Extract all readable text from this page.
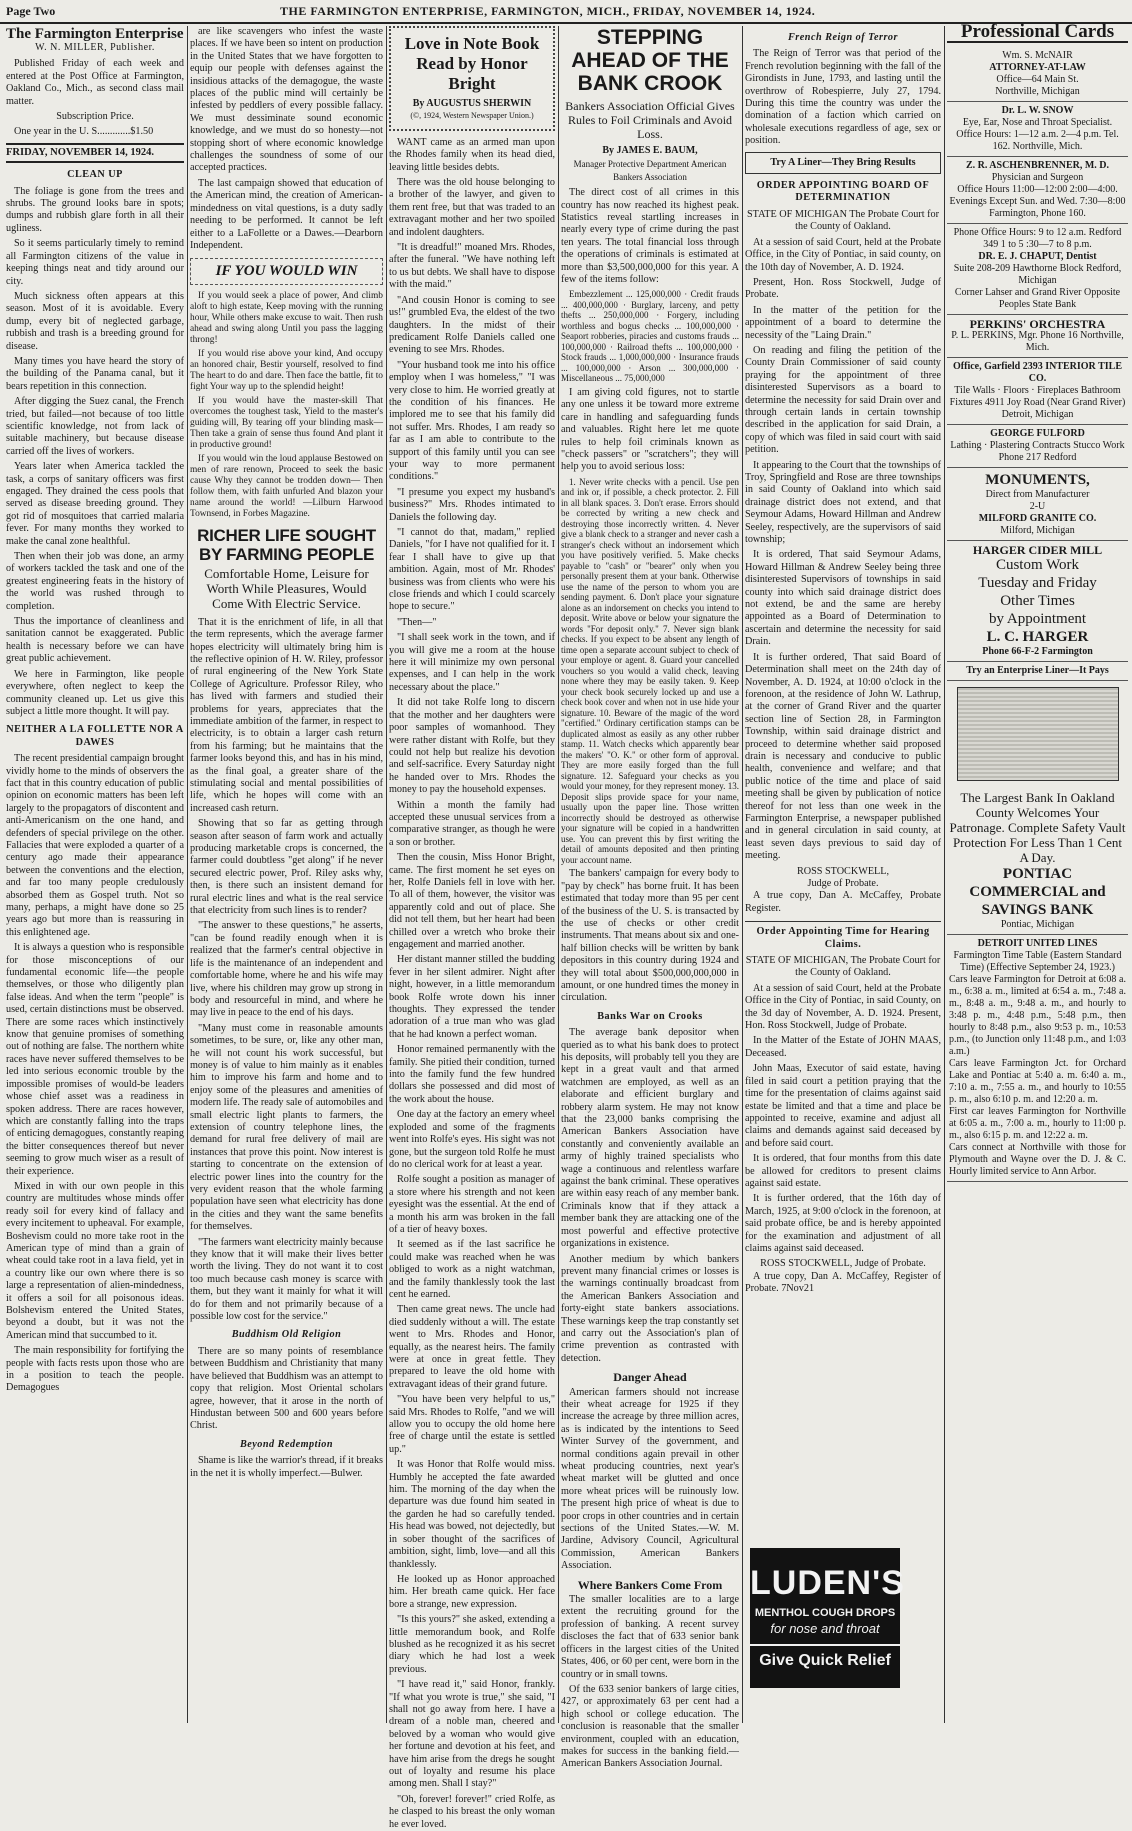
Page Two	THE FARMINGTON ENTERPRISE, FARMINGTON, MICH., FRIDAY, NOVEMBER 14, 1924.
The Farmington Enterprise
W. N. MILLER, Publisher.

Published Friday of each week and entered at the Post Office at Farmington, Oakland Co., Mich., as second class mail matter.

Subscription Price.

One year in the U. S.............$1.50

FRIDAY, NOVEMBER 14, 1924.
CLEAN UP

The foliage is gone from the trees and shrubs. The ground looks bare in spots; dumps and rubbish glare forth in all their ugliness.

So it seems particularly timely to remind all Farmington citizens of the value in keeping things neat and tidy around our city.

Much sickness often appears at this season. Most of it is avoidable. Every dump, every bit of neglected garbage, rubbish and trash is a breeding ground for disease.

Many times you have heard the story of the building of the Panama canal, but it bears repetition in this connection.

After digging the Suez canal, the French tried, but failed—not because of too little scientific knowledge, not from lack of suitable machinery, but because disease carried off the lives of workers.

Years later when America tackled the task, a corps of sanitary officers was first engaged. They drained the cess pools that served as disease breeding ground. They got rid of mosquitoes that carried malaria fever. For many months they worked to make the canal zone healthful.

Then when their job was done, an army of workers tackled the task and one of the greatest engineering feats in the history of the world was rushed through to completion.

Thus the importance of cleanliness and sanitation cannot be exaggerated. Public health is necessary before we can have great public achievement.

We here in Farmington, like people everywhere, often neglect to keep the community cleaned up. Let us give this subject a little more thought. It will pay.

NEITHER A LA FOLLETTE NOR A DAWES

The recent presidential campaign brought vividly home to the minds of observers the fact that in this country education of public opinion on economic matters has been left largely to the propagators of discontent and anti-Americanism on the one hand, and defenders of special privilege on the other. Fallacies that were exploded a quarter of a century ago made their appearance between the conventions and the election, and far too many people credulously absorbed them as Gospel truth. Not so many, perhaps, a might have done so 25 years ago but more than is reassuring in this enlightened age.

It is always a question who is responsible for those misconceptions of our fundamental economic life—the people themselves, or those who diligently plan false ideas. And when the term "people" is used, certain distinctions must be observed. There are some races which instinctively know that genuine promises of something out of nothing are false. The northern white races have never suffered themselves to be led into serious economic trouble by the impossible promises of would-be leaders whose chief asset was a readiness in spoken address. There are races however, which are constantly falling into the traps of enticing demagogues, constantly reaping the bitter consequences thereof but never seeming to grow much wiser as a result of their experience.

Mixed in with our own people in this country are multitudes whose minds offer ready soil for every kind of fallacy and every incitement to upheaval. For example, Boshevism could no more take root in the American type of mind than a grain of wheat could take root in a lava field, yet in a country like our own where there is so large a representation of alien-mindedness, it offers a soil for all poisonous ideas. Bolshevism entered the United States, beyond a doubt, but it was not the American mind that succumbed to it.

The main responsibility for fortifying the people with facts rests upon those who are in a position to teach the people. Demagogues

are like scavengers who infest the waste places. If we have been so intent on production in the United States that we have forgotten to equip our people with defenses against the insidious attacks of the demagogue, the waste places of the public mind will certainly be infested by peddlers of every possible fallacy. We must dessiminate sound economic knowledge, and we must do so honesty—not stopping short of where economic knowledge challenges the soundness of some of our accepted practices.

The last campaign showed that education of the American mind, the creation of American-mindedness on vital questions, is a duty sadly needing to be performed. It cannot be left either to a LaFollette or a Dawes.—Dearborn Independent.

IF YOU WOULD WIN

If you would seek a place of power, And climb aloft to high estate, Keep moving with the running hour, While others make excuse to wait. Then rush ahead and swing along Until you pass the lagging throng!

If you would rise above your kind, And occupy an honored chair, Bestir yourself, resolved to find The heart to do and dare. Then face the battle, fit to fight Your way up to the splendid height!

If you would have the master-skill That overcomes the toughest task, Yield to the master's guiding will, By tearing off your blinding mask— Then take a grain of sense thus found And plant it in productive ground!

If you would win the loud applause Bestowed on men of rare renown, Proceed to seek the basic cause Why they cannot be trodden down— Then follow them, with faith unfurled And blazon your name around the world! —Lilburn Harwood Townsend, in Forbes Magazine.

RICHER LIFE SOUGHT BY FARMING PEOPLE
Comfortable Home, Leisure for Worth While Pleasures, Would Come With Electric Service.

That it is the enrichment of life, in all that the term represents, which the average farmer hopes electricity will ultimately bring him is the reflective opinion of H. W. Riley, professor of rural engineering of the New York State College of Agriculture. Professor Riley, who has lived with farmers and studied their problems for years, appreciates that the immediate ambition of the farmer, in respect to electricity, is to obtain a larger cash return from his farming; but he maintains that the farmer looks beyond this, and has in his mind, as the final goal, a greater share of the stimulating social and mental possibilities of life, which he hopes will come with an increased cash return.

Showing that so far as getting through season after season of farm work and actually producing marketable crops is concerned, the farmer could doubtless "get along" if he never secured electric power, Prof. Riley asks why, then, is there such an insistent demand for rural electric lines and what is the real service that electricity from such lines is to render?

"The answer to these questions," he asserts, "can be found readily enough when it is realized that the farmer's central objective in life is the maintenance of an independent and comfortable home, where he and his wife may live, where his children may grow up strong in body and resourceful in mind, and where he may live in peace to the end of his days.

"Many must come in reasonable amounts sometimes, to be sure, or, like any other man, he will not count his work successful, but money is of value to him mainly as it enables him to improve his farm and home and to enjoy some of the pleasures and amenities of modern life. The ready sale of automobiles and small electric light plants to farmers, the extension of country telephone lines, the demand for rural free delivery of mail are instances that prove this point. Now interest is starting to concentrate on the extension of electric power lines into the country for the very evident reason that the whole farming population have seen what electricity has done in the cities and they want the same benefits for themselves.

"The farmers want electricity mainly because they know that it will make their lives better worth the living. They do not want it to cost too much because cash money is scarce with them, but they want it mainly for what it will do for them and not primarily because of a possible low cost for the service."

Buddhism Old Religion

There are so many points of resemblance between Buddhism and Christianity that many have believed that Buddhism was an attempt to copy that religion. Most Oriental scholars agree, however, that it arose in the north of Hindustan between 500 and 600 years before Christ.

Beyond Redemption

Shame is like the warrior's thread, if it breaks in the net it is wholly imperfect.—Bulwer.

Love in Note Book Read by Honor Bright
By AUGUSTUS SHERWIN
(©, 1924, Western Newspaper Union.)

WANT came as an armed man upon the Rhodes family when its head died, leaving little besides debts.

There was the old house belonging to a brother of the lawyer, and given to them rent free, but that was traded to an extravagant mother and her two spoiled and indolent daughters.

"It is dreadful!" moaned Mrs. Rhodes, after the funeral. "We have nothing left to us but debts. We shall have to dispose with the maid."

"And cousin Honor is coming to see us!" grumbled Eva, the eldest of the two daughters. In the midst of their predicament Rolfe Daniels called one evening to see Mrs. Rhodes.

"Your husband took me into his office employ when I was homeless," "I was very close to him. He worried greatly at the condition of his finances. He implored me to see that his family did not suffer. Mrs. Rhodes, I am ready so far as I am able to contribute to the support of this family until you can see your way to more permanent conditions."

"I presume you expect my husband's business?" Mrs. Rhodes intimated to Daniels the following day.

"I cannot do that, madam," replied Daniels, "for I have not qualified for it. I fear I shall have to give up that ambition. Again, most of Mr. Rhodes' business was from clients who were his close friends and which I could scarcely hope to secure."

"Then—"

"I shall seek work in the town, and if you will give me a room at the house here it will minimize my own personal expenses, and I can help in the work necessary about the place."

It did not take Rolfe long to discern that the mother and her daughters were poor samples of womanhood. They were rather distant with Rolfe, but they could not help but realize his devotion and self-sacrifice. Every Saturday night he handed over to Mrs. Rhodes the money to pay the household expenses.

Within a month the family had accepted these unusual services from a comparative stranger, as though he were a son or brother.

Then the cousin, Miss Honor Bright, came. The first moment he set eyes on her, Rolfe Daniels fell in love with her. To all of them, however, the visitor was apparently cold and out of place. She did not tell them, but her heart had been chilled over a wretch who broke their engagement and married another.

Her distant manner stilled the budding fever in her silent admirer. Night after night, however, in a little memorandum book Rolfe wrote down his inner thoughts. They expressed the tender adoration of a true man who was glad that he had known a perfect woman.

Honor remained permanently with the family. She pitied their condition, turned into the family fund the few hundred dollars she possessed and did most of the work about the house.

One day at the factory an emery wheel exploded and some of the fragments went into Rolfe's eyes. His sight was not gone, but the surgeon told Rolfe he must do no clerical work for at least a year.

Rolfe sought a position as manager of a store where his strength and not keen eyesight was the essential. At the end of a month his arm was broken in the fall of a tier of heavy boxes.

It seemed as if the last sacrifice he could make was reached when he was obliged to work as a night watchman, and the family thanklessly took the last cent he earned.

Then came great news. The uncle had died suddenly without a will. The estate went to Mrs. Rhodes and Honor, equally, as the nearest heirs. The family were at once in great fettle. They prepared to leave the old home with extravagant ideas of their grand future.

"You have been very helpful to us," said Mrs. Rhodes to Rolfe, "and we will allow you to occupy the old home here free of charge until the estate is settled up."

It was Honor that Rolfe would miss. Humbly he accepted the fate awarded him. The morning of the day when the departure was due found him seated in the garden he had so carefully tended. His head was bowed, not dejectedly, but in sober thought of the sacrifices of ambition, sight, limb, love—and all this thanklessly.

He looked up as Honor approached him. Her breath came quick. Her face bore a strange, new expression.

"Is this yours?" she asked, extending a little memorandum book, and Rolfe blushed as he recognized it as his secret diary which he had lost a week previous.

"I have read it," said Honor, frankly. "If what you wrote is true," she said, "I shall not go away from here. I have a dream of a noble man, cheered and beloved by a woman who would give her fortune and devotion at his feet, and have him arise from the dregs he sought out of loyalty and resume his place among men. Shall I stay?"

"Oh, forever! forever!" cried Rolfe, as he clasped to his breast the only woman he ever loved.

STEPPING AHEAD OF THE BANK CROOK
Bankers Association Official Gives Rules to Foil Criminals and Avoid Loss.
By JAMES E. BAUM,
Manager Protective Department American Bankers Association

The direct cost of all crimes in this country has now reached its highest peak. Statistics reveal startling increases in nearly every type of crime during the past ten years. The total financial loss through the operations of criminals is estimated at more than $3,500,000,000 for this year. A few of the items follow:

Embezzlement ... 125,000,000 · Credit frauds ... 400,000,000 · Burglary, larceny, and petty thefts ... 250,000,000 · Forgery, including worthless and bogus checks ... 100,000,000 · Seaport robberies, piracies and customs frauds ... 100,000,000 · Railroad thefts ... 100,000,000 · Stock frauds ... 1,000,000,000 · Insurance frauds ... 100,000,000 · Arson ... 300,000,000 · Miscellaneous ... 75,000,000

I am giving cold figures, not to startle any one unless it be toward more extreme care in handling and safeguarding funds and valuables. Right here let me quote rules to help foil criminals known as "check passers" or "scratchers"; they will help you to avoid serious loss:

1. Never write checks with a pencil. Use pen and ink or, if possible, a check protector. 2. Fill in all blank spaces. 3. Don't erase. Errors should be corrected by writing a new check and destroying those incorrectly written. 4. Never give a blank check to a stranger and never cash a stranger's check without an indorsement which you have positively verified. 5. Make checks payable to "cash" or "bearer" only when you personally present them at your bank. Otherwise use the name of the person to whom you are sending payment. 6. Don't place your signature alone as an indorsement on checks you intend to deposit. Write above or below your signature the words "For deposit only." 7. Never sign blank checks. If you expect to be absent any length of time open a separate account subject to check of your employe or agent. 8. Guard your cancelled vouchers so you would a valid check, leaving none where they may be easily taken. 9. Keep your check book securely locked up and use a check book cover and when not in use hide your signature. 10. Beware of the magic of the word "certified." Ordinary certification stamps can be duplicated almost as easily as any other rubber stamp. 11. Watch checks which apparently bear the makers' "O. K." or other form of approval. They are more easily forged than the full signature. 12. Safeguard your checks as you would your money, for they represent money. 13. Deposit slips provide space for your name, usually upon the paper line. Those written incorrectly should be destroyed as otherwise your signature will be copied in a handwritten use. You can prevent this by first writing the detail of amounts deposited and then printing your account name.

The bankers' campaign for every body to "pay by check" has borne fruit. It has been estimated that today more than 95 per cent of the business of the U. S. is transacted by the use of checks or other credit instruments. That means about six and one-half billion checks will be written by bank depositors in this country during 1924 and they will total about $500,000,000,000 in amount, or one hundred times the money in circulation.

Banks War on Crooks

The average bank depositor when queried as to what his bank does to protect his deposits, will probably tell you they are kept in a great vault and that armed watchmen are employed, as well as an elaborate and efficient burglary and robbery alarm system. He may not know that the 23,000 banks comprising the American Bankers Association have constantly and conveniently available an army of highly trained specialists who wage a continuous and relentless warfare against the bank criminal. These operatives are within easy reach of any member bank. Criminals know that if they attack a member bank they are attacking one of the most powerful and effective protective organizations in existence.

Another medium by which bankers prevent many financial crimes or losses is the warnings continually broadcast from the American Bankers Association and forty-eight state bankers associations. These warnings keep the trap constantly set and carry out the Association's plan of crime prevention as contrasted with detection.

Danger Ahead

American farmers should not increase their wheat acreage for 1925 if they increase the acreage by three million acres, as is indicated by the intentions to Seed Winter Survey of the government, and normal conditions again prevail in other wheat producing countries, next year's wheat market will be glutted and once more wheat prices will be ruinously low. The present high price of wheat is due to poor crops in other countries and in certain sections of the United States.—W. M. Jardine, Advisory Council, Agricultural Commission, American Bankers Association.

Where Bankers Come From

The smaller localities are to a large extent the recruiting ground for the profession of banking. A recent survey discloses the fact that of 633 senior bank officers in the largest cities of the United States, 406, or 60 per cent, were born in the country or in small towns.

Of the 633 senior bankers of large cities, 427, or approximately 63 per cent had a high school or college education. The conclusion is reasonable that the smaller environment, coupled with an education, makes for success in the banking field.—American Bankers Association Journal.

French Reign of Terror

The Reign of Terror was that period of the French revolution beginning with the fall of the Girondists in June, 1793, and lasting until the overthrow of Robespierre, July 27, 1794. During this time the country was under the domination of a faction which carried on wholesale executions regardless of age, sex or position.

Try A Liner—They Bring Results
ORDER APPOINTING BOARD OF DETERMINATION

STATE OF MICHIGAN The Probate Court for the County of Oakland.

At a session of said Court, held at the Probate Office, in the City of Pontiac, in said county, on the 10th day of November, A. D. 1924.

Present, Hon. Ross Stockwell, Judge of Probate.

In the matter of the petition for the appointment of a board to determine the necessity of the "Laing Drain."

On reading and filing the petition of the County Drain Commissioner of said county praying for the appointment of three disinterested Supervisors as a board to determine the necessity for said Drain over and through certain lands in certain township described in the application for said Drain, a copy of which was filed in said court with said petition.

It appearing to the Court that the townships of Troy, Springfield and Rose are three townships in said County of Oakland into which said drainage district does not extend, and that Seymour Adams, Howard Hillman and Andrew Seeley, respectively, are the supervisors of said township;

It is ordered, That said Seymour Adams, Howard Hillman & Andrew Seeley being three disinterested Supervisors of townships in said county into which said drainage district does not extend, be and the same are hereby appointed as a Board of Determination to ascertain and determine the necessity for said Drain.

It is further ordered, That said Board of Determination shall meet on the 24th day of November, A. D. 1924, at 10:00 o'clock in the forenoon, at the residence of John W. Lathrup, at the corner of Grand River and the quarter section line of Section 28, in Farmington Township, within said drainage district and proceed to determine whether said proposed drain is necessary and conducive to public health, convenience and welfare; and that public notice of the time and place of said meeting shall be given by publication of notice thereof for not less than one week in the Farmington Enterprise, a newspaper published and in general circulation in said county, at least seven days previous to said day of meeting.

ROSS STOCKWELL,
Judge of Probate.

A true copy, Dan A. McCaffey, Probate Register.

Order Appointing Time for Hearing Claims.

STATE OF MICHIGAN, The Probate Court for the County of Oakland.

At a session of said Court, held at the Probate Office in the City of Pontiac, in said County, on the 3d day of November, A. D. 1924. Present, Hon. Ross Stockwell, Judge of Probate.

In the Matter of the Estate of JOHN MAAS, Deceased.

John Maas, Executor of said estate, having filed in said court a petition praying that the time for the presentation of claims against said estate be limited and that a time and place be appointed to receive, examine and adjust all claims and demands against said deceased by and before said court.

It is ordered, that four months from this date be allowed for creditors to present claims against said estate.

It is further ordered, that the 16th day of March, 1925, at 9:00 o'clock in the forenoon, at said probate office, be and is hereby appointed for the examination and adjustment of all claims against said deceased.

ROSS STOCKWELL, Judge of Probate.

A true copy, Dan A. McCaffey, Register of Probate. 7Nov21

LUDEN'S
MENTHOL COUGH DROPS
for nose and throat
Give Quick Relief
Professional Cards
Wm. S. McNAIR
ATTORNEY-AT-LAW
Office—64 Main St.
Northville, Michigan
Dr. L. W. SNOW
Eye, Ear, Nose and Throat Specialist.
Office Hours: 1—12 a.m. 2—4 p.m. Tel. 162. Northville, Mich.
Z. R. ASCHENBRENNER, M. D.
Physician and Surgeon
Office Hours 11:00—12:00 2:00—4:00. Evenings Except Sun. and Wed. 7:30—8:00
Farmington, Phone 160.
Phone Office Hours: 9 to 12 a.m. Redford 349 1 to 5 :30—7 to 8 p.m.
DR. E. J. CHAPUT, Dentist
Suite 208-209 Hawthorne Block Redford, Michigan
Corner Lahser and Grand River Opposite Peoples State Bank
PERKINS' ORCHESTRA
P. L. PERKINS, Mgr. Phone 16 Northville, Mich.
Office, Garfield 2393 INTERIOR TILE CO.
Tile Walls · Floors · Fireplaces Bathroom Fixtures 4911 Joy Road (Near Grand River) Detroit, Michigan
GEORGE FULFORD
Lathing · Plastering Contracts Stucco Work Phone 217 Redford
MONUMENTS,
Direct from Manufacturer
2-U
MILFORD GRANITE CO.
Milford, Michigan
HARGER CIDER MILL
Custom Work
Tuesday and Friday
Other Times
by Appointment
L. C. HARGER
Phone 66-F-2 Farmington
Try an Enterprise Liner—It Pays
The Largest Bank In Oakland County Welcomes Your Patronage. Complete Safety Vault Protection For Less Than 1 Cent A Day.
PONTIAC COMMERCIAL and SAVINGS BANK
Pontiac, Michigan
DETROIT UNITED LINES
Farmington Time Table (Eastern Standard Time) (Effective September 24, 1923.)
Cars leave Farmington for Detroit at 6:08 a. m., 6:38 a. m., limited at 6:54 a. m., 7:48 a. m., 8:48 a. m., 9:48 a. m., and hourly to 3:48 p. m., 4:48 p.m., 5:48 p.m., then hourly to 8:48 p.m., also 9:53 p. m., 10:53 p.m., (to Junction only 11:48 p.m., and 1:03 a.m.)
Cars leave Farmington Jct. for Orchard Lake and Pontiac at 5:40 a. m. 6:40 a. m., 7:10 a. m., 7:55 a. m., and hourly to 10:55 p. m., also 6:10 p. m. and 12:20 a. m.
First car leaves Farmington for Northville at 6:05 a. m., 7:00 a. m., hourly to 11:00 p. m., also 6:15 p. m. and 12:22 a. m.
Cars connect at Northville with those for Plymouth and Wayne over the D. J. & C. Hourly limited service to Ann Arbor.
